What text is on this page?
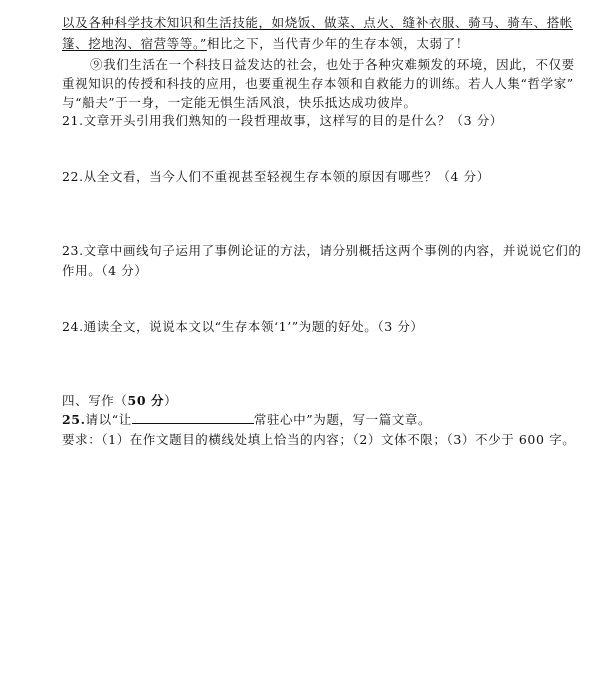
以及各种科学技术知识和生活技能，如烧饭、做菜、点火、缝补衣服、骑马、骑车、搭帐
篷、挖地沟、宿营等等。”相比之下，当代青少年的生存本领，太弱了！
⑨我们生活在一个科技日益发达的社会，也处于各种灾难频发的环境，因此，不仅要
重视知识的传授和科技的应用，也要重视生存本领和自救能力的训练。若人人集“哲学家”
与“船夫”于一身，一定能无惧生活风浪，快乐抵达成功彼岸。
21.文章开头引用我们熟知的一段哲理故事，这样写的目的是什么？（3 分）
22.从全文看，当今人们不重视甚至轻视生存本领的原因有哪些？（4 分）
23.文章中画线句子运用了事例论证的方法，请分别概括这两个事例的内容，并说说它们的
作用。（4 分）
24.通读全文，说说本文以“生存本领‘1’”为题的好处。（3 分）
四、写作（50 分）
25.请以“让	常驻心中”为题，写一篇文章。
要求：（1）在作文题目的横线处填上恰当的内容；（2）文体不限；（3）不少于 600 字。
